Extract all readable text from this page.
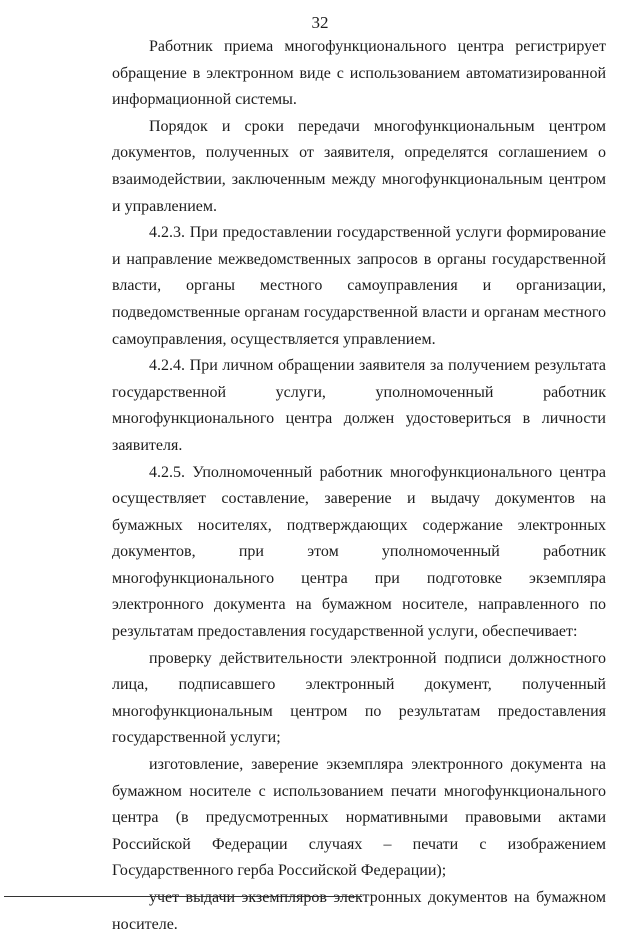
32

Работник приема многофункционального центра регистрирует обращение в электронном виде с использованием автоматизированной информационной системы.

Порядок и сроки передачи многофункциональным центром документов, полученных от заявителя, определятся соглашением о взаимодействии, заключенным между многофункциональным центром и управлением.

4.2.3. При предоставлении государственной услуги формирование и направление межведомственных запросов в органы государственной власти, органы местного самоуправления и организации, подведомственные органам государственной власти и органам местного самоуправления, осуществляется управлением.

4.2.4. При личном обращении заявителя за получением результата государственной услуги, уполномоченный работник многофункционального центра должен удостовериться в личности заявителя.

4.2.5. Уполномоченный работник многофункционального центра осуществляет составление, заверение и выдачу документов на бумажных носителях, подтверждающих содержание электронных документов, при этом уполномоченный работник многофункционального центра при подготовке экземпляра электронного документа на бумажном носителе, направленного по результатам предоставления государственной услуги, обеспечивает:

проверку действительности электронной подписи должностного лица, подписавшего электронный документ, полученный многофункциональным центром по результатам предоставления государственной услуги;

изготовление, заверение экземпляра электронного документа на бумажном носителе с использованием печати многофункционального центра (в предусмотренных нормативными правовыми актами Российской Федерации случаях – печати с изображением Государственного герба Российской Федерации);

учет выдачи экземпляров электронных документов на бумажном носителе.
